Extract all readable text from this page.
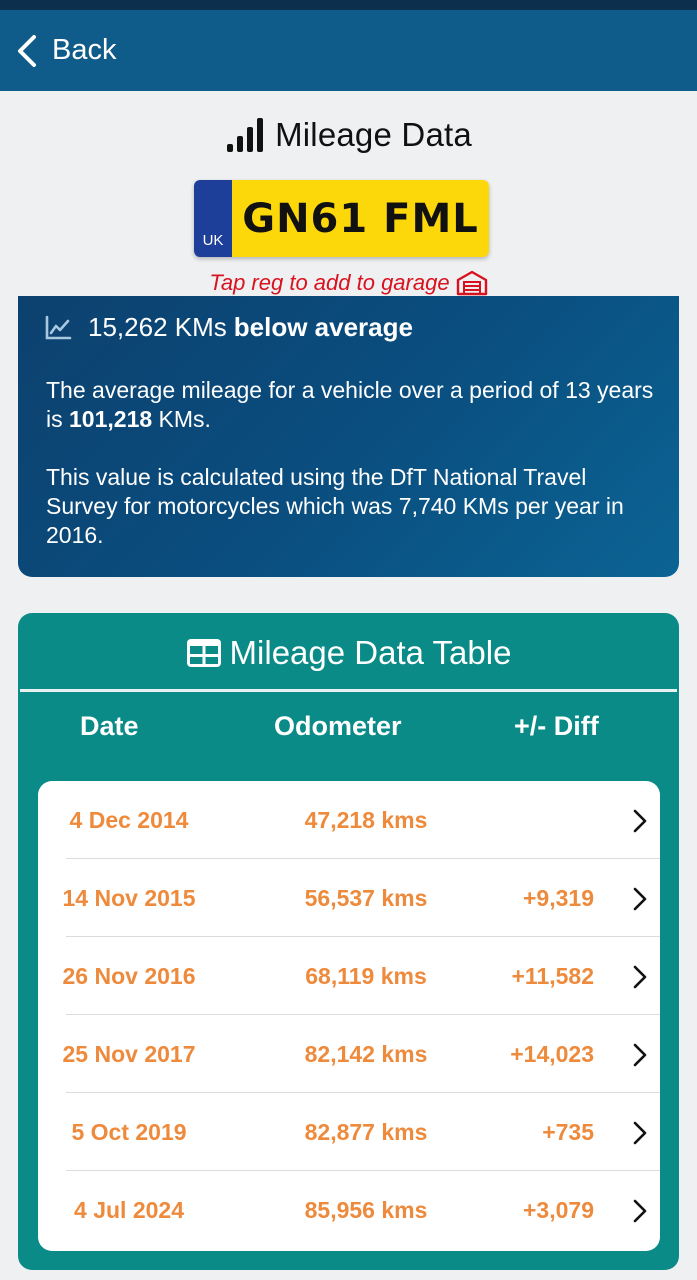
Back
Mileage Data
UK GN61 FML
Tap reg to add to garage
15,262 KMs below average

The average mileage for a vehicle over a period of 13 years is 101,218 KMs.

This value is calculated using the DfT National Travel Survey for motorcycles which was 7,740 KMs per year in 2016.

Mileage Data Table
Date	Odometer	+/- Diff
4 Dec 2014	47,218 kms
14 Nov 2015	56,537 kms	+9,319
26 Nov 2016	68,119 kms	+11,582
25 Nov 2017	82,142 kms	+14,023
5 Oct 2019	82,877 kms	+735
4 Jul 2024	85,956 kms	+3,079
